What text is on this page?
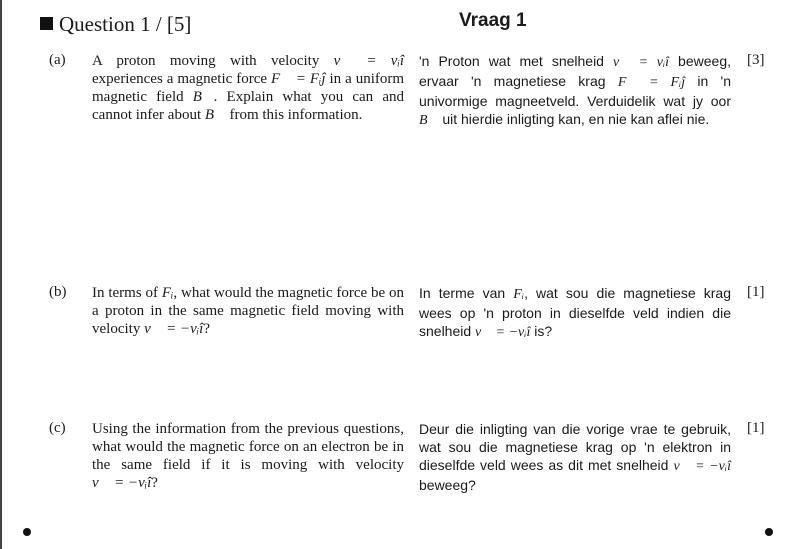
Question 1 /	Vraag 1
[5]
(a) A proton moving with velocity v⃗ = vᵢî experiences a magnetic force F⃗ = Fᵢĵ in a uniform magnetic field B⃗. Explain what you can and cannot infer about B⃗ from this information.
'n Proton wat met snelheid v⃗ = vᵢî beweeg, ervaar 'n magnetiese krag F⃗ = Fᵢĵ in 'n univormige magneetveld. Verduidelik wat jy oor B⃗ uit hierdie inligting kan, en nie kan aflei nie.
[3]
(b) In terms of Fᵢ, what would the magnetic force be on a proton in the same magnetic field moving with velocity v⃗ = −vᵢî?
In terme van Fᵢ, wat sou die magnetiese krag wees op 'n proton in dieselfde veld indien die snelheid v⃗ = −vᵢî is?
[1]
(c) Using the information from the previous questions, what would the magnetic force on an electron be in the same field if it is moving with velocity v⃗ = −vᵢî?
Deur die inligting van die vorige vrae te gebruik, wat sou die magnetiese krag op 'n elektron in dieselfde veld wees as dit met snelheid v⃗ = −vᵢî beweeg?
[1]
